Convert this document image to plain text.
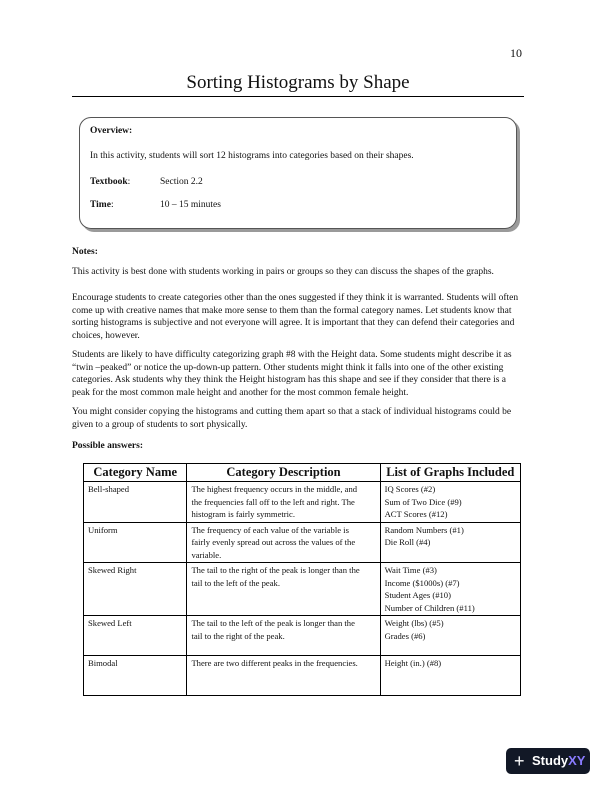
10
Sorting Histograms by Shape
Overview:
In this activity, students will sort 12 histograms into categories based on their shapes.
Textbook:	Section 2.2
Time:	10 – 15 minutes
Notes:

This activity is best done with students working in pairs or groups so they can discuss the shapes of the graphs.

Encourage students to create categories other than the ones suggested if they think it is warranted. Students will often come up with creative names that make more sense to them than the formal category names. Let students know that sorting histograms is subjective and not everyone will agree. It is important that they can defend their categories and choices, however.

Students are likely to have difficulty categorizing graph #8 with the Height data. Some students might describe it as “twin –peaked” or notice the up-down-up pattern. Other students might think it falls into one of the other existing categories. Ask students why they think the Height histogram has this shape and see if they consider that there is a peak for the most common male height and another for the most common female height.

You might consider copying the histograms and cutting them apart so that a stack of individual histograms could be given to a group of students to sort physically.

Possible answers:
Category Name	Category Description	List of Graphs Included
Bell-shaped	The highest frequency occurs in the middle, and
the frequencies fall off to the left and right. The
histogram is fairly symmetric.	IQ Scores (#2)
Sum of Two Dice (#9)
ACT Scores (#12)

Uniform	The frequency of each value of the variable is
fairly evenly spread out across the values of the
variable.	Random Numbers (#1)
Die Roll (#4)

Skewed Right	The tail to the right of the peak is longer than the
tail to the left of the peak.	Wait Time (#3)
Income ($1000s) (#7)
Student Ages (#10)
Number of Children (#11)

Skewed Left	The tail to the left of the peak is longer than the
tail to the right of the peak.	Weight (lbs) (#5)
Grades (#6)

Bimodal	There are two different peaks in the frequencies.	Height (in.) (#8)
+ StudyXY
